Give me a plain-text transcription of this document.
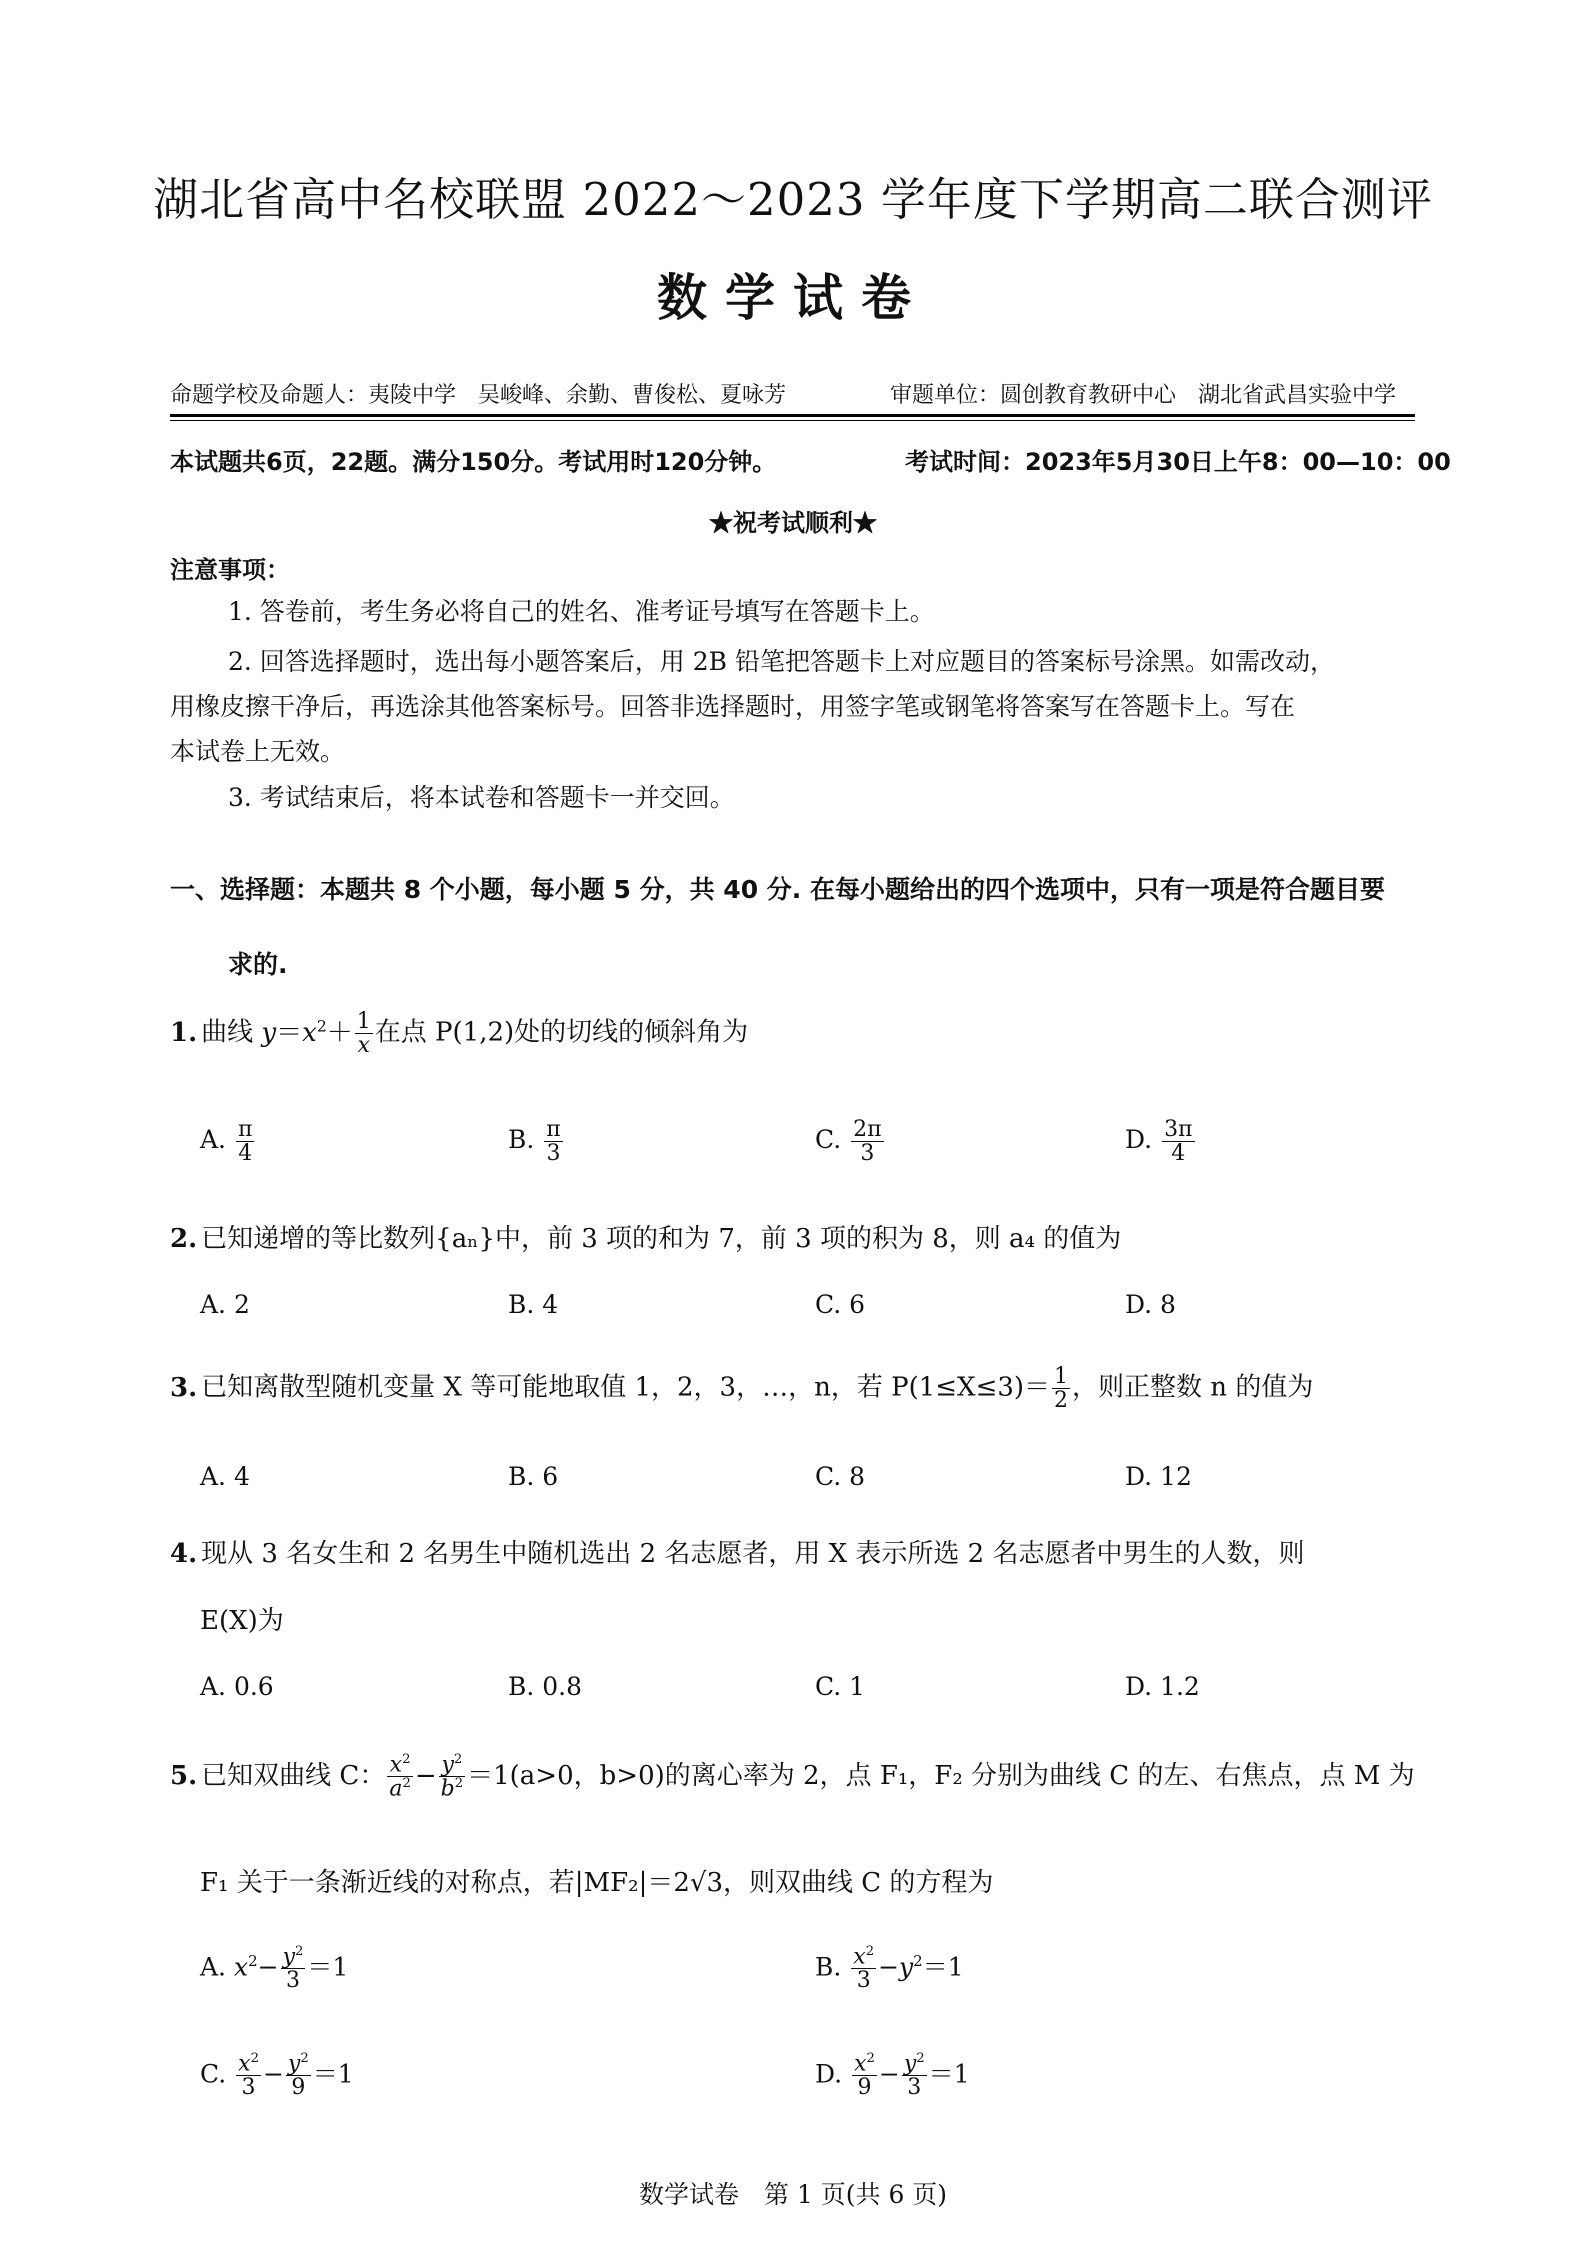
湖北省高中名校联盟 2022～2023 学年度下学期高二联合测评
数学试卷
命题学校及命题人：夷陵中学　吴峻峰、余勤、曹俊松、夏咏芳	审题单位：圆创教育教研中心　湖北省武昌实验中学
本试题共6页，22题。满分150分。考试用时120分钟。	考试时间：2023年5月30日上午8：00—10：00
★祝考试顺利★
注意事项：
1. 答卷前，考生务必将自己的姓名、准考证号填写在答题卡上。
2. 回答选择题时，选出每小题答案后，用 2B 铅笔把答题卡上对应题目的答案标号涂黑。如需改动，
用橡皮擦干净后，再选涂其他答案标号。回答非选择题时，用签字笔或钢笔将答案写在答题卡上。写在
本试卷上无效。
3. 考试结束后，将本试卷和答题卡一并交回。
一、选择题：本题共 8 个小题，每小题 5 分，共 40 分. 在每小题给出的四个选项中，只有一项是符合题目要
求的.
1. 曲线 $y=x^2+ \frac{1}{x}$ 在点 P(1,2)处的切线的倾斜角为
A. $\frac{\pi}{4}$	B. $\frac{\pi}{3}$	C. $\frac{2\pi}{3}$	D. $\frac{3\pi}{4}$
2. 已知递增的等比数列{aₙ}中，前 3 项的和为 7，前 3 项的积为 8，则 a₄ 的值为
A. 2	B. 4	C. 6	D. 8
3. 已知离散型随机变量 X 等可能地取值 1，2，3，…，n，若 $P(1\le X\le 3)= \frac{1}{2}$ ，则正整数 n 的值为
A. 4	B. 6	C. 8	D. 12
4. 现从 3 名女生和 2 名男生中随机选出 2 名志愿者，用 X 表示所选 2 名志愿者中男生的人数，则
E(X)为
A. 0.6	B. 0.8	C. 1	D. 1.2
5. 已知双曲线 C： $\frac{x^2}{a^2} - \frac{y^2}{b^2} =1(a>0$，b>0)的离心率为 2，点 F₁，F₂ 分别为曲线 C 的左、右焦点，点 M 为
F₁ 关于一条渐近线的对称点，若|MF₂|＝2√3，则双曲线 C 的方程为
A. $x^2- \frac{y^2}{3} =1$	B. $\frac{x^2}{3} -y^2=1$
C. $\frac{x^2}{3} - \frac{y^2}{9} =1$	D. $\frac{x^2}{9} - \frac{y^2}{3} =1$
数学试卷　第 1 页(共 6 页)
